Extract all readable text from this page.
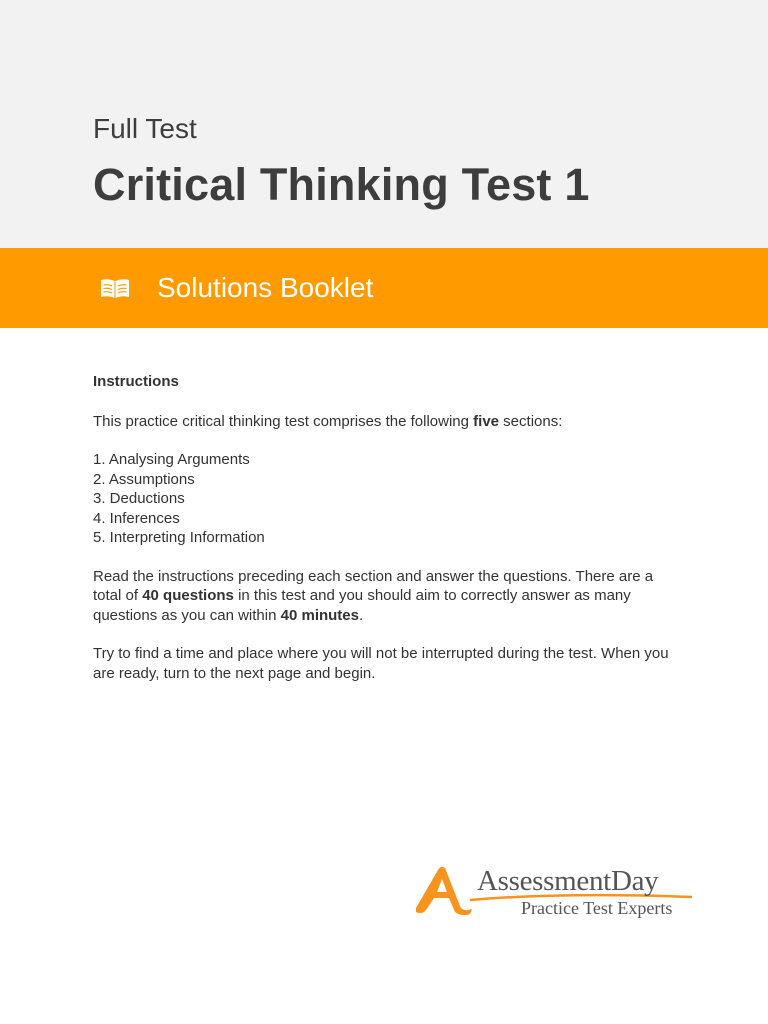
Full Test
Critical Thinking Test 1
Solutions Booklet
Instructions

This practice critical thinking test comprises the following five sections:

1. Analysing Arguments
2. Assumptions
3. Deductions
4. Inferences
5. Interpreting Information

Read the instructions preceding each section and answer the questions. There are a total of 40 questions in this test and you should aim to correctly answer as many questions as you can within 40 minutes.

Try to find a time and place where you will not be interrupted during the test. When you are ready, turn to the next page and begin.

AssessmentDay
Practice Test Experts
